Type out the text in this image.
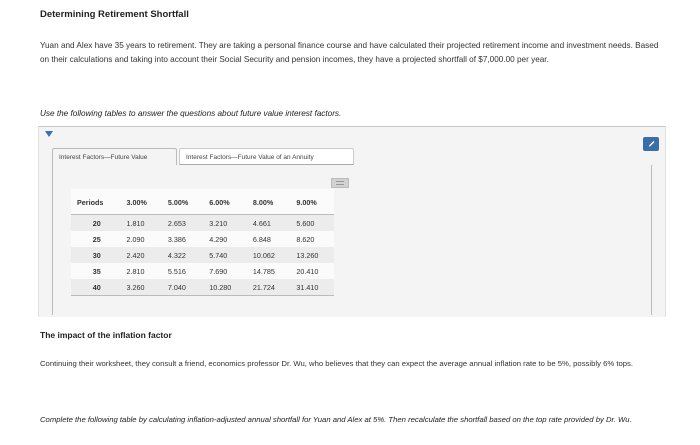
Determining Retirement Shortfall
Yuan and Alex have 35 years to retirement. They are taking a personal finance course and have calculated their projected retirement income and investment needs. Based on their calculations and taking into account their Social Security and pension incomes, they have a projected shortfall of $7,000.00 per year.
Use the following tables to answer the questions about future value interest factors.
Interest Factors—Future Value	Interest Factors—Future Value of an Annuity
Periods	3.00%	5.00%	6.00%	8.00%	9.00%
20	1.810	2.653	3.210	4.661	5.600
25	2.090	3.386	4.290	6.848	8.620
30	2.420	4.322	5.740	10.062	13.260
35	2.810	5.516	7.690	14.785	20.410
40	3.260	7.040	10.280	21.724	31.410
The impact of the inflation factor
Continuing their worksheet, they consult a friend, economics professor Dr. Wu, who believes that they can expect the average annual inflation rate to be 5%, possibly 6% tops.
Complete the following table by calculating inflation-adjusted annual shortfall for Yuan and Alex at 5%. Then recalculate the shortfall based on the top rate provided by Dr. Wu.
